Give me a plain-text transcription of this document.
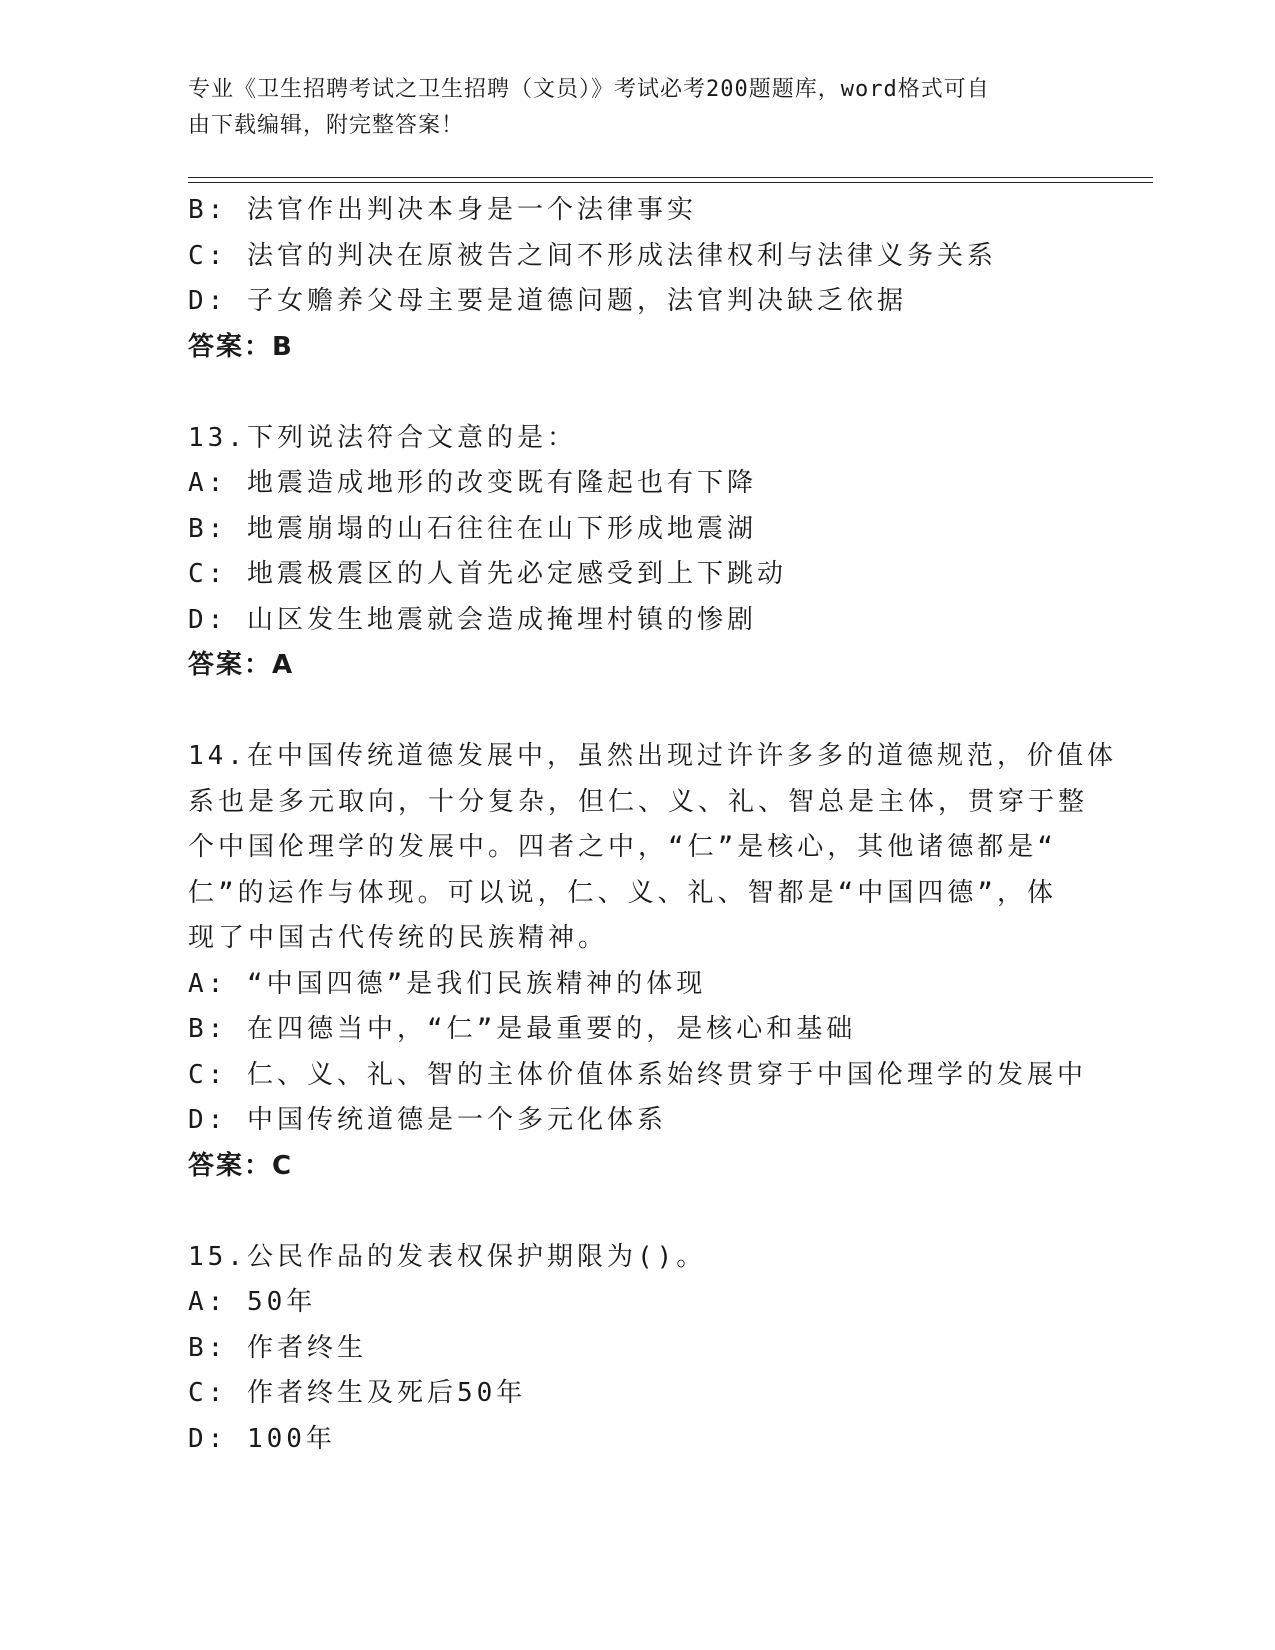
专业《卫生招聘考试之卫生招聘（文员）》考试必考200题题库，word格式可自
由下载编辑，附完整答案！
B: 法官作出判决本身是一个法律事实
C: 法官的判决在原被告之间不形成法律权利与法律义务关系
D: 子女赡养父母主要是道德问题，法官判决缺乏依据
答案：B
13.下列说法符合文意的是：
A: 地震造成地形的改变既有隆起也有下降
B: 地震崩塌的山石往往在山下形成地震湖
C: 地震极震区的人首先必定感受到上下跳动
D: 山区发生地震就会造成掩埋村镇的惨剧
答案：A
14.在中国传统道德发展中，虽然出现过许许多多的道德规范，价值体
系也是多元取向，十分复杂，但仁、义、礼、智总是主体，贯穿于整
个中国伦理学的发展中。四者之中，“仁”是核心，其他诸德都是“
仁”的运作与体现。可以说，仁、义、礼、智都是“中国四德”，体
现了中国古代传统的民族精神。
A: “中国四德”是我们民族精神的体现
B: 在四德当中，“仁”是最重要的，是核心和基础
C: 仁、义、礼、智的主体价值体系始终贯穿于中国伦理学的发展中
D: 中国传统道德是一个多元化体系
答案：C
15.公民作品的发表权保护期限为()。
A: 50年
B: 作者终生
C: 作者终生及死后50年
D: 100年
